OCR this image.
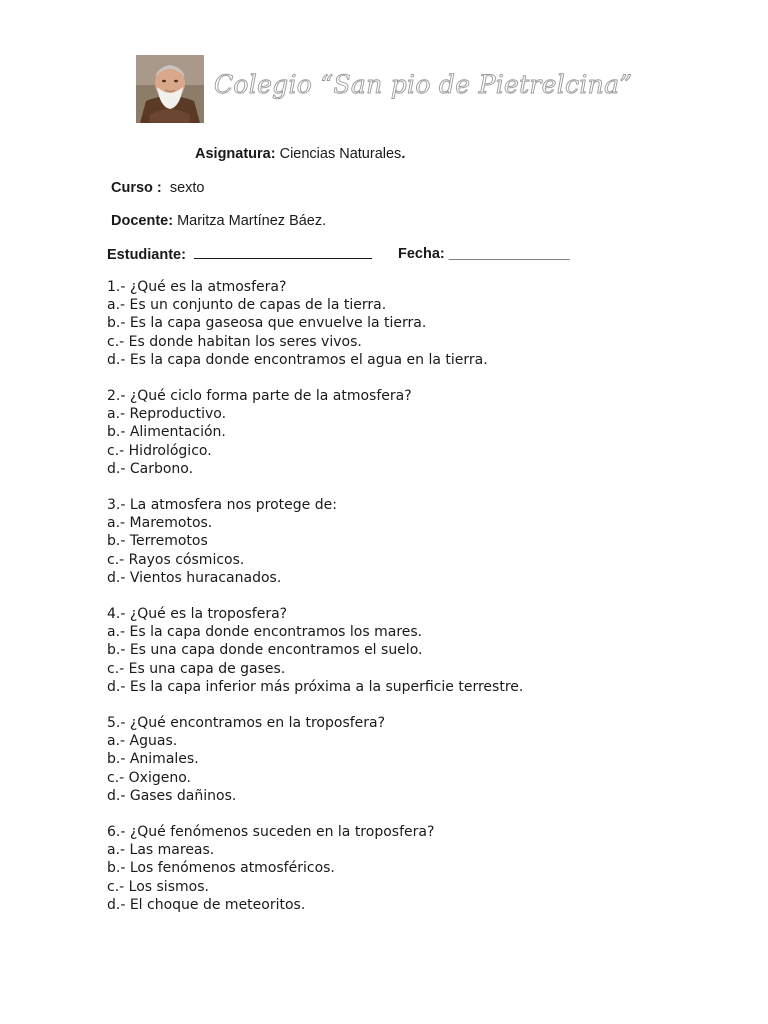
Colegio “San pio de Pietrelcina”
Asignatura: Ciencias Naturales.
Curso : sexto
Docente: Maritza Martínez Báez.
Estudiante:	Fecha: _______________
1.- ¿Qué es la atmosfera?
a.- Es un conjunto de capas de la tierra.
b.- Es la capa gaseosa que envuelve la tierra.
c.- Es donde habitan los seres vivos.
d.- Es la capa donde encontramos el agua en la tierra.
2.- ¿Qué ciclo forma parte de la atmosfera?
a.- Reproductivo.
b.- Alimentación.
c.- Hidrológico.
d.- Carbono.
3.- La atmosfera nos protege de:
a.- Maremotos.
b.- Terremotos
c.- Rayos cósmicos.
d.- Vientos huracanados.
4.- ¿Qué es la troposfera?
a.- Es la capa donde encontramos los mares.
b.- Es una capa donde encontramos el suelo.
c.- Es una capa de gases.
d.- Es la capa inferior más próxima a la superficie terrestre.
5.- ¿Qué encontramos en la troposfera?
a.- Aguas.
b.- Animales.
c.- Oxigeno.
d.- Gases dañinos.
6.- ¿Qué fenómenos suceden en la troposfera?
a.- Las mareas.
b.- Los fenómenos atmosféricos.
c.- Los sismos.
d.- El choque de meteoritos.
